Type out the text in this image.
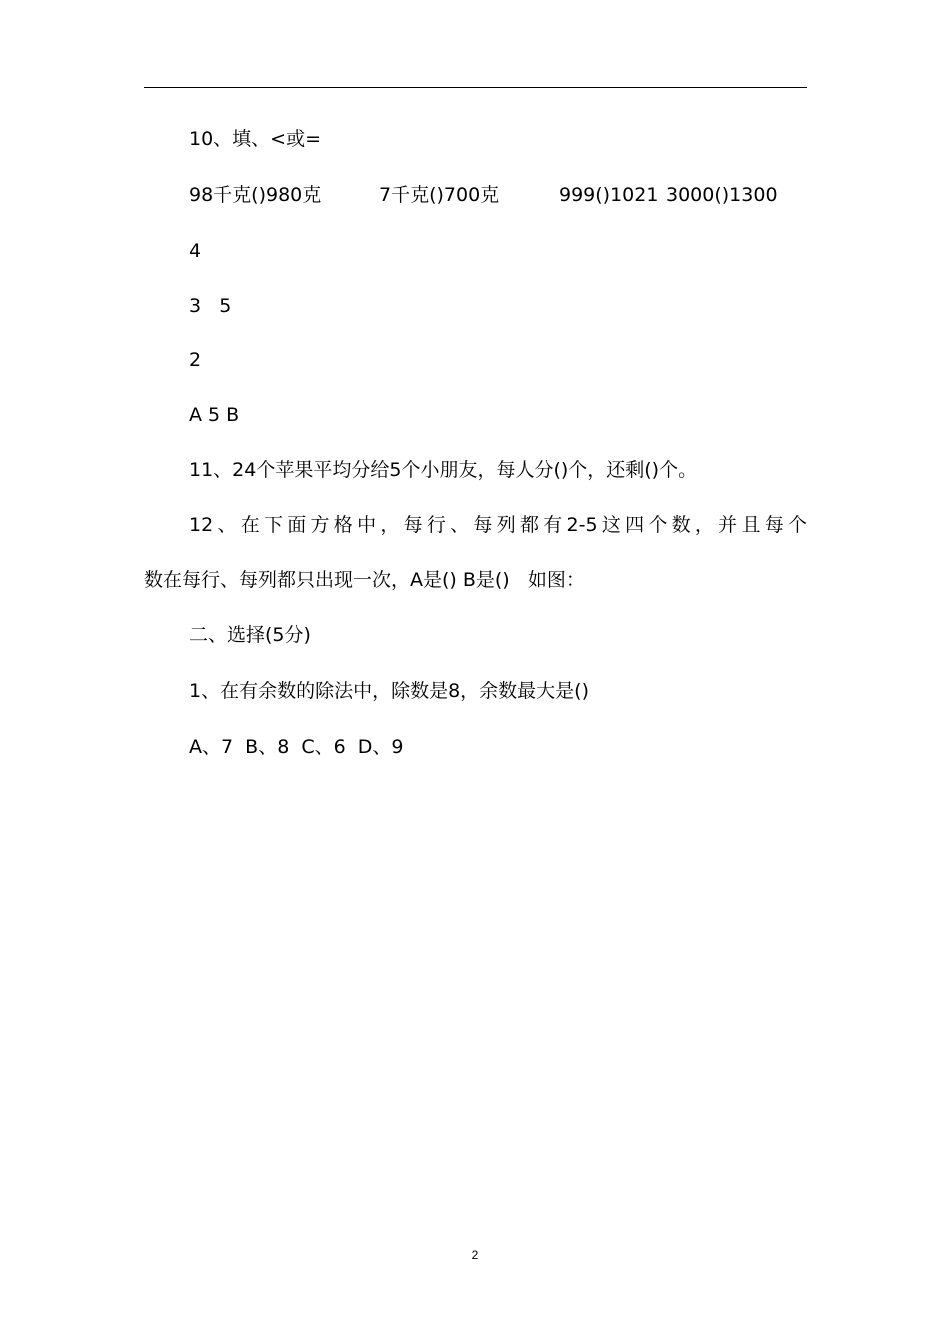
10、填、<或=

98千克()980克

	7千克()700克

	999()1021

3000()1300

4
3   5
2
A 5 B
11、24个苹果平均分给5个小朋友，每人分()个，还剩()个。
12、在下面方格中，每行、每列都有2-5这四个数，并且每个
数在每行、每列都只出现一次，A是() B是()   如图：
二、选择(5分)
1、在有余数的除法中，除数是8，余数最大是()
A、7  B、8  C、6  D、9
2
